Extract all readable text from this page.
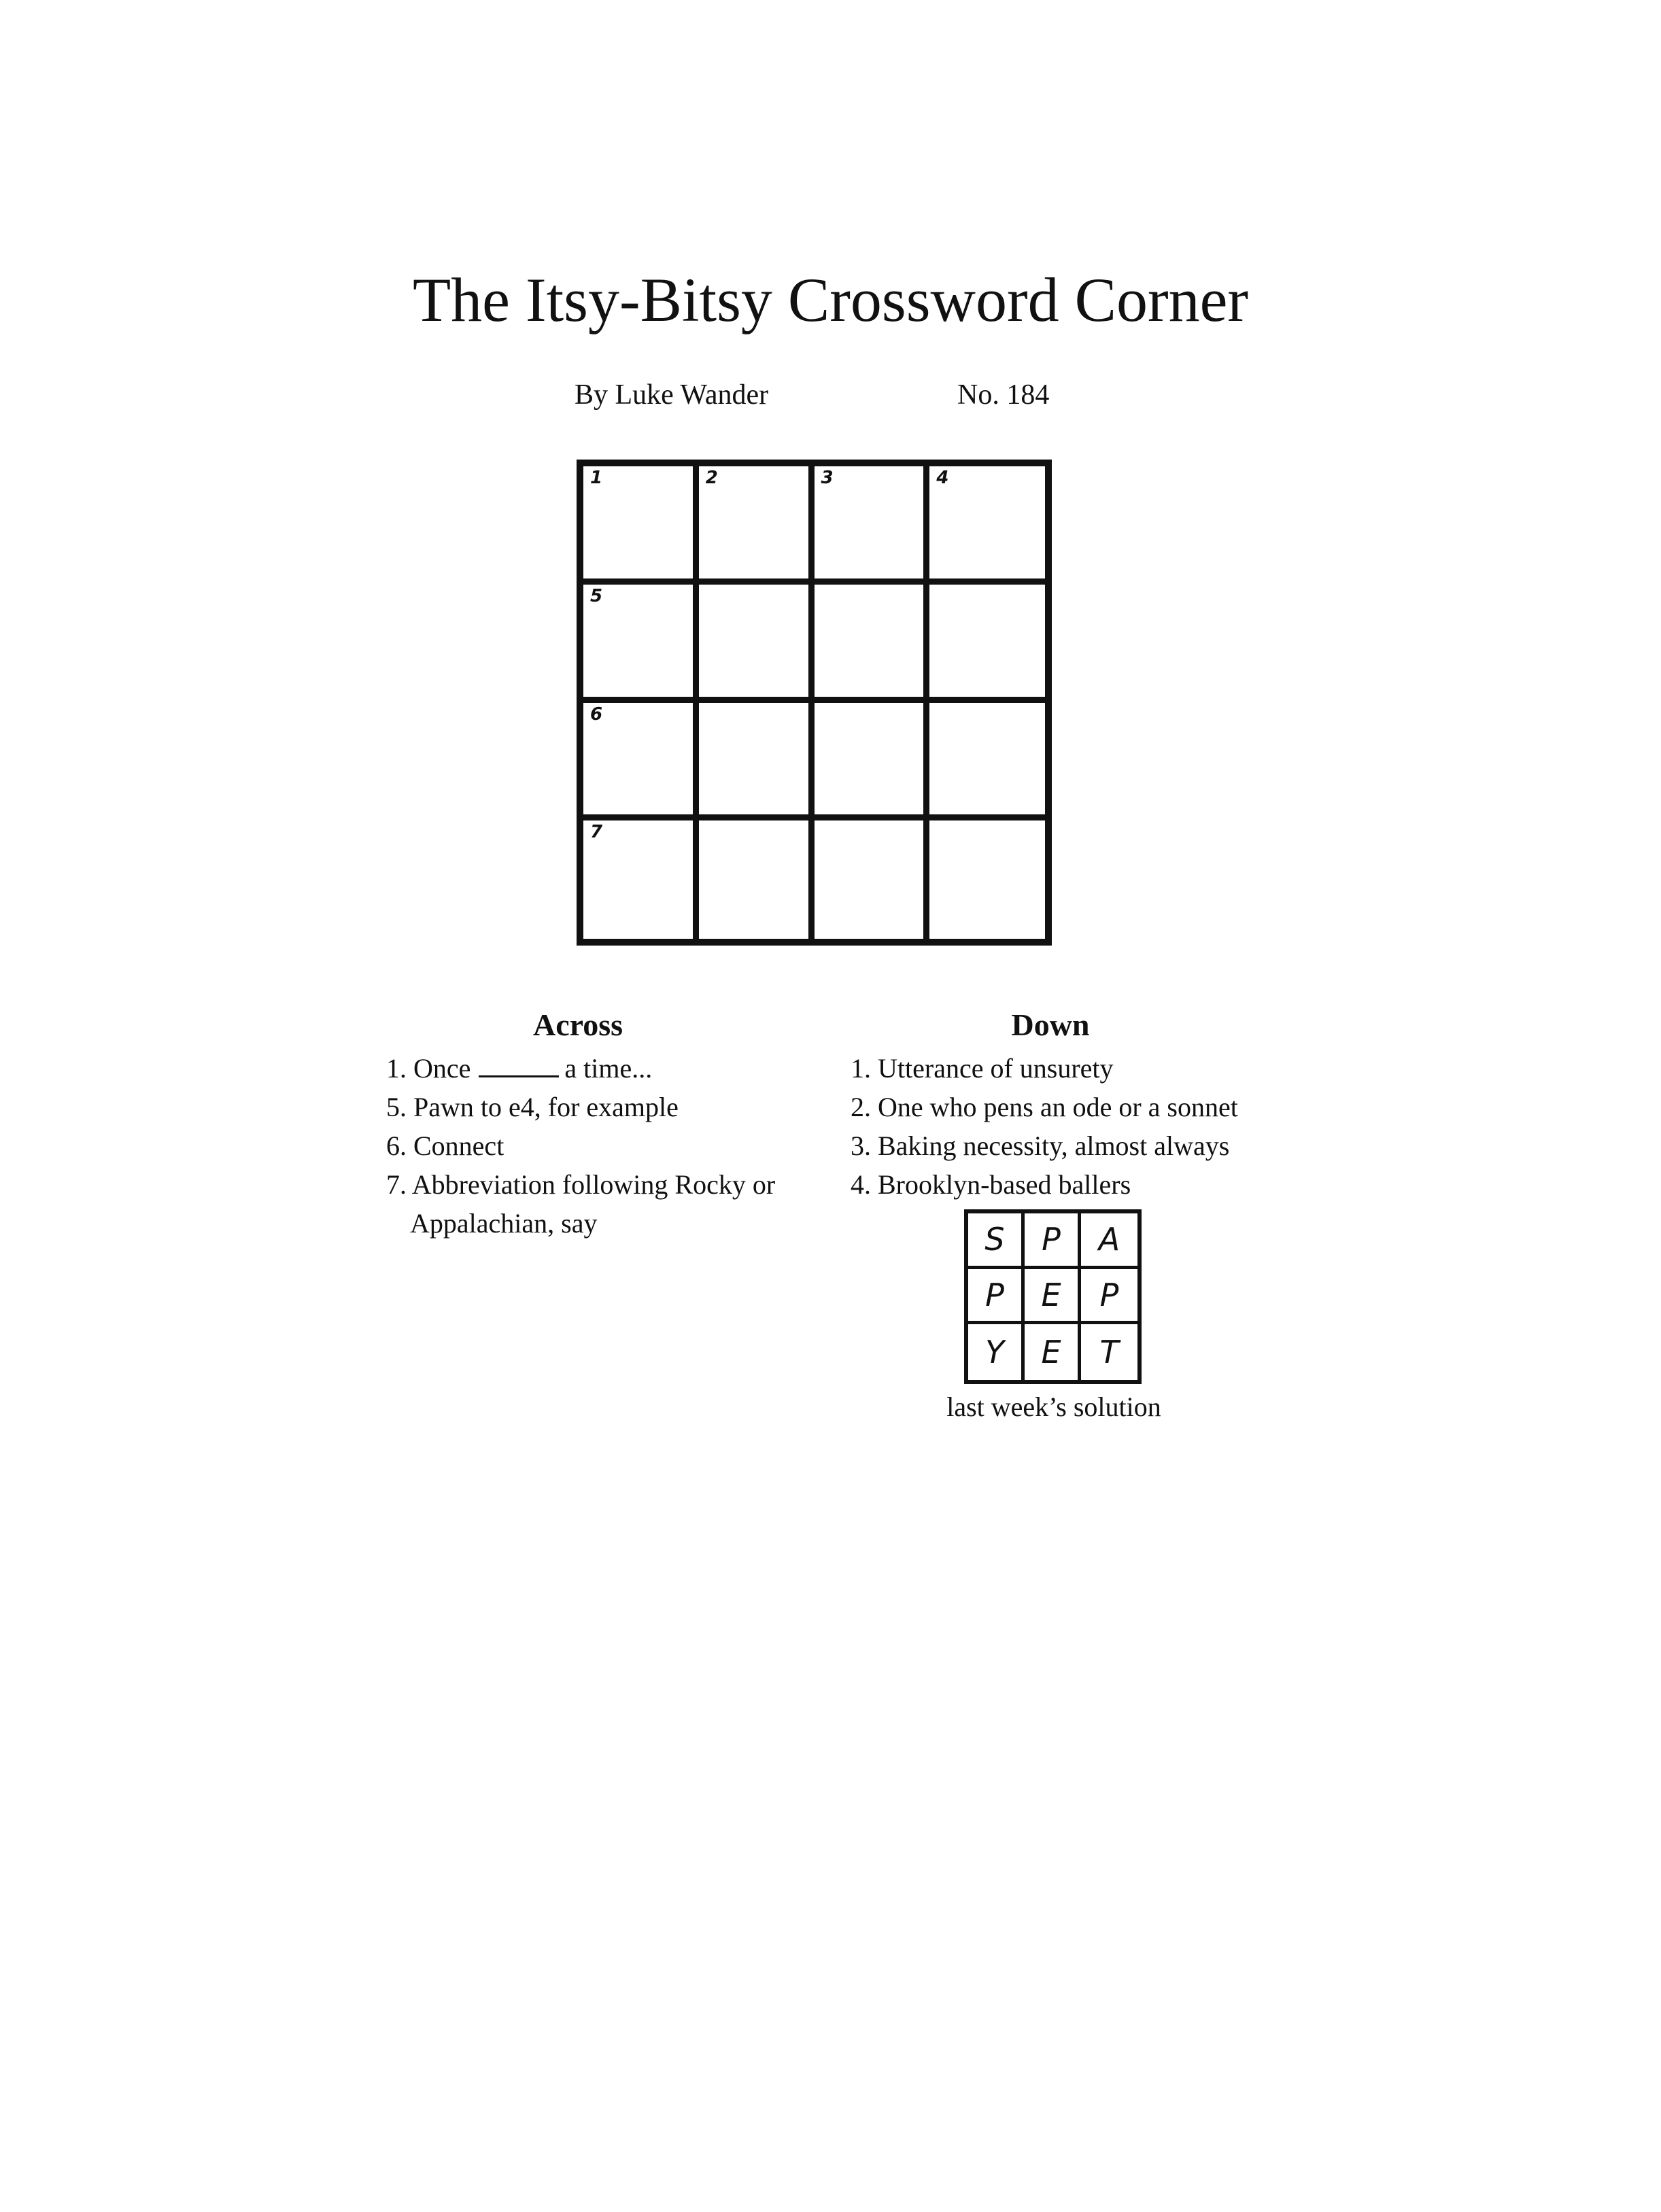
The Itsy-Bitsy Crossword Corner
By Luke Wander	No. 184
1	2	3	4
5
6
7
Across	Down
1. Once	a time...
5. Pawn to e4, for example
6. Connect
7. Abbreviation following Rocky or Appalachian, say
1. Utterance of unsurety
2. One who pens an ode or a sonnet
3. Baking necessity, almost always
4. Brooklyn-based ballers
S	P	A
P	E	P
Y	E	T
last week’s solution
